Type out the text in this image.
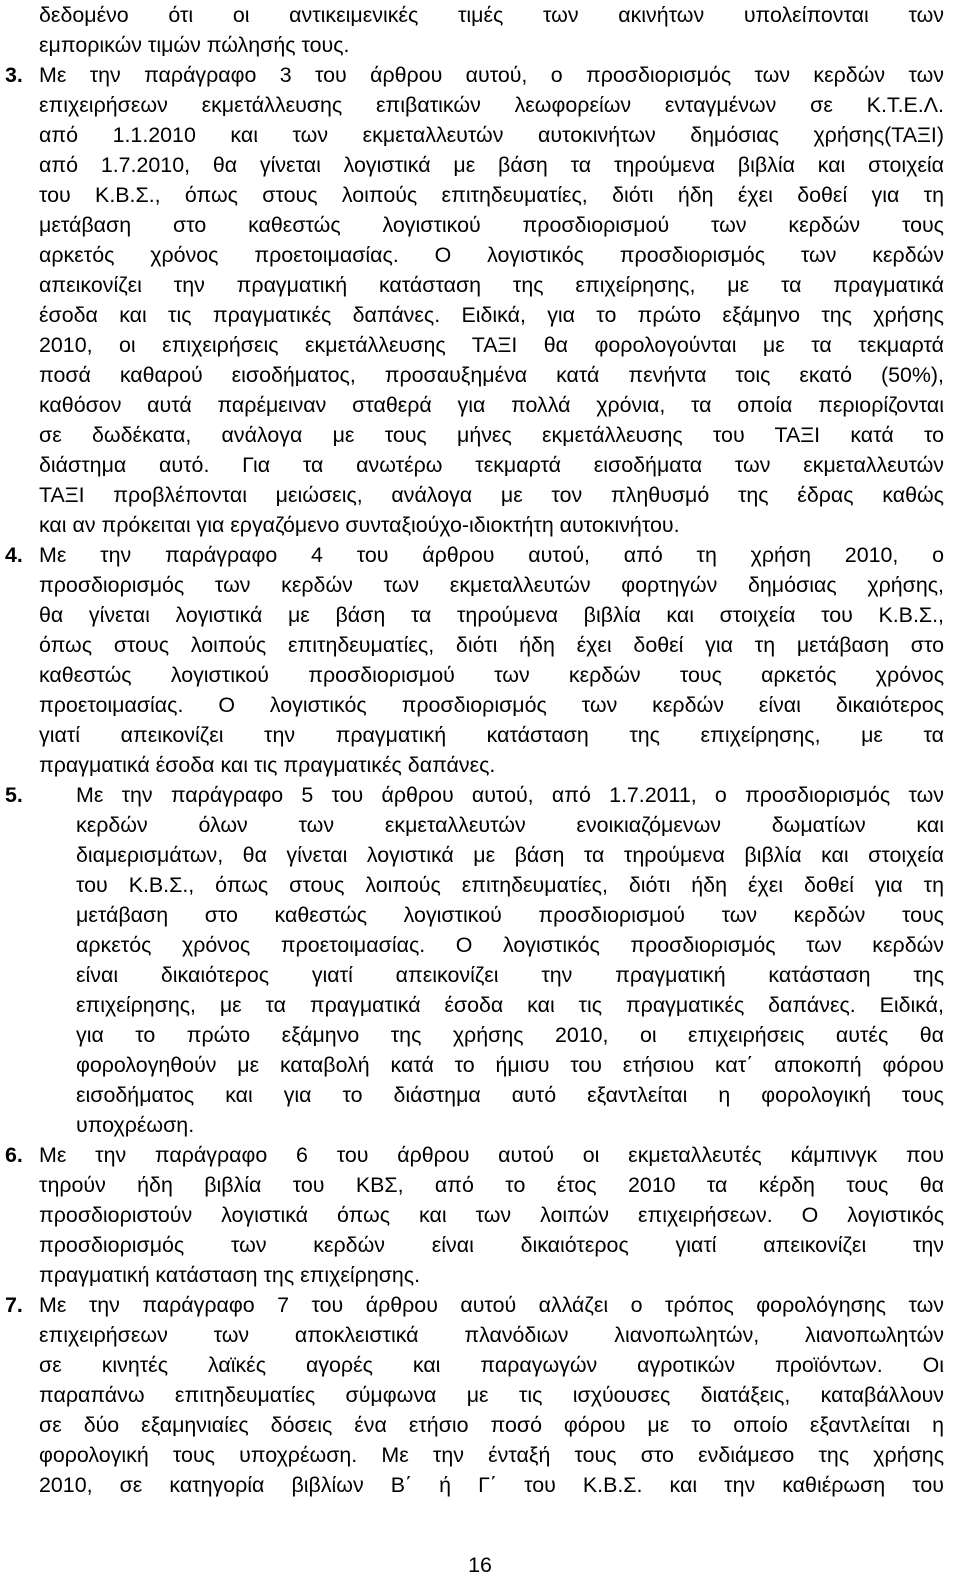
δεδομένο ότι οι αντικειμενικές τιμές των ακινήτων υπολείπονται των
εμπορικών τιμών πώλησής τους.
3. Με την παράγραφο 3 του άρθρου αυτού, ο προσδιορισμός των κερδών των
επιχειρήσεων εκμετάλλευσης επιβατικών λεωφορείων ενταγμένων σε Κ.Τ.Ε.Λ.
από 1.1.2010 και των εκμεταλλευτών αυτοκινήτων δημόσιας χρήσης(ΤΑΞΙ)
από 1.7.2010, θα γίνεται λογιστικά με βάση τα τηρούμενα βιβλία και στοιχεία
του Κ.Β.Σ., όπως στους λοιπούς επιτηδευματίες, διότι ήδη έχει δοθεί για τη
μετάβαση στο καθεστώς λογιστικού προσδιορισμού των κερδών τους
αρκετός χρόνος προετοιμασίας. Ο λογιστικός προσδιορισμός των κερδών
απεικονίζει την πραγματική κατάσταση της επιχείρησης, με τα πραγματικά
έσοδα και τις πραγματικές δαπάνες. Ειδικά, για το πρώτο εξάμηνο της χρήσης
2010, οι επιχειρήσεις εκμετάλλευσης ΤΑΞΙ θα φορολογούνται με τα τεκμαρτά
ποσά καθαρού εισοδήματος, προσαυξημένα κατά πενήντα τοις εκατό (50%),
καθόσον αυτά παρέμειναν σταθερά για πολλά χρόνια, τα οποία περιορίζονται
σε δωδέκατα, ανάλογα με τους μήνες εκμετάλλευσης του ΤΑΞΙ κατά το
διάστημα αυτό. Για τα ανωτέρω τεκμαρτά εισοδήματα των εκμεταλλευτών
ΤΑΞΙ προβλέπονται μειώσεις, ανάλογα με τον πληθυσμό της έδρας καθώς
και αν πρόκειται για εργαζόμενο συνταξιούχο-ιδιοκτήτη αυτοκινήτου.
4. Με την παράγραφο 4 του άρθρου αυτού, από τη χρήση 2010, ο
προσδιορισμός των κερδών των εκμεταλλευτών φορτηγών δημόσιας χρήσης,
θα γίνεται λογιστικά με βάση τα τηρούμενα βιβλία και στοιχεία του Κ.Β.Σ.,
όπως στους λοιπούς επιτηδευματίες, διότι ήδη έχει δοθεί για τη μετάβαση στο
καθεστώς λογιστικού προσδιορισμού των κερδών τους αρκετός χρόνος
προετοιμασίας. Ο λογιστικός προσδιορισμός των κερδών είναι δικαιότερος
γιατί απεικονίζει την πραγματική κατάσταση της επιχείρησης, με τα
πραγματικά έσοδα και τις πραγματικές δαπάνες.
5. Με την παράγραφο 5 του άρθρου αυτού, από 1.7.2011, ο προσδιορισμός των
κερδών όλων των εκμεταλλευτών ενοικιαζόμενων δωματίων και
διαμερισμάτων, θα γίνεται λογιστικά με βάση τα τηρούμενα βιβλία και στοιχεία
του Κ.Β.Σ., όπως στους λοιπούς επιτηδευματίες, διότι ήδη έχει δοθεί για τη
μετάβαση στο καθεστώς λογιστικού προσδιορισμού των κερδών τους
αρκετός χρόνος προετοιμασίας. Ο λογιστικός προσδιορισμός των κερδών
είναι δικαιότερος γιατί απεικονίζει την πραγματική κατάσταση της
επιχείρησης, με τα πραγματικά έσοδα και τις πραγματικές δαπάνες. Ειδικά,
για το πρώτο εξάμηνο της χρήσης 2010, οι επιχειρήσεις αυτές θα
φορολογηθούν με καταβολή κατά το ήμισυ του ετήσιου κατ΄ αποκοπή φόρου
εισοδήματος και για το διάστημα αυτό εξαντλείται η φορολογική τους
υποχρέωση.
6. Με την παράγραφο 6 του άρθρου αυτού οι εκμεταλλευτές κάμπινγκ που
τηρούν ήδη βιβλία του ΚΒΣ, από το έτος 2010 τα κέρδη τους θα
προσδιοριστούν λογιστικά όπως και των λοιπών επιχειρήσεων. Ο λογιστικός
προσδιορισμός των κερδών είναι δικαιότερος γιατί απεικονίζει την
πραγματική κατάσταση της επιχείρησης.
7. Με την παράγραφο 7 του άρθρου αυτού αλλάζει ο τρόπος φορολόγησης των
επιχειρήσεων των αποκλειστικά πλανόδιων λιανοπωλητών, λιανοπωλητών
σε κινητές λαϊκές αγορές και παραγωγών αγροτικών προϊόντων. Οι
παραπάνω επιτηδευματίες σύμφωνα με τις ισχύουσες διατάξεις, καταβάλλουν
σε δύο εξαμηνιαίες δόσεις ένα ετήσιο ποσό φόρου με το οποίο εξαντλείται η
φορολογική τους υποχρέωση. Με την ένταξή τους στο ενδιάμεσο της χρήσης
2010, σε κατηγορία βιβλίων Β΄ ή Γ΄ του Κ.Β.Σ. και την καθιέρωση του
16
